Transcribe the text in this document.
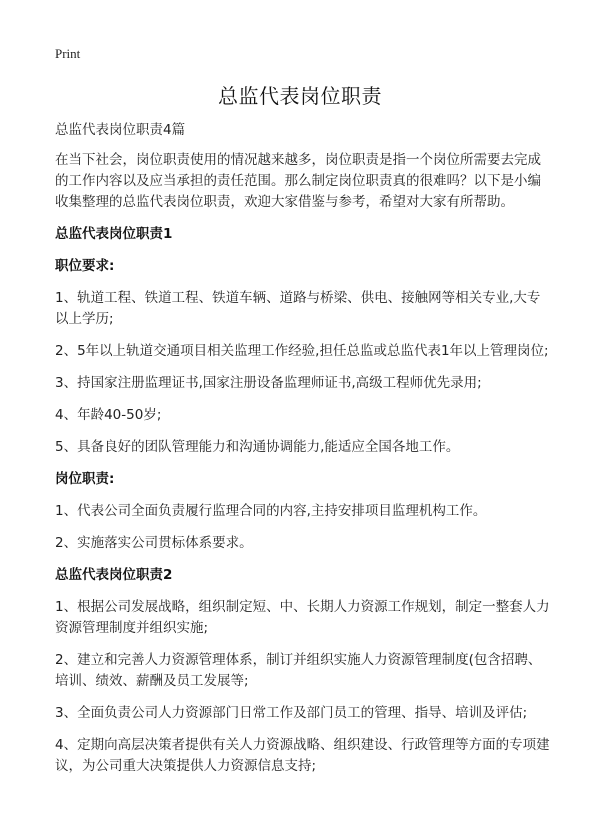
Print
总监代表岗位职责

总监代表岗位职责4篇

在当下社会，岗位职责使用的情况越来越多，岗位职责是指一个岗位所需要去完成的工作内容以及应当承担的责任范围。那么制定岗位职责真的很难吗？以下是小编收集整理的总监代表岗位职责，欢迎大家借鉴与参考，希望对大家有所帮助。

总监代表岗位职责1

职位要求:

1、轨道工程、铁道工程、铁道车辆、道路与桥梁、供电、接触网等相关专业,大专以上学历;

2、5年以上轨道交通项目相关监理工作经验,担任总监或总监代表1年以上管理岗位;

3、持国家注册监理证书,国家注册设备监理师证书,高级工程师优先录用;

4、年龄40-50岁;

5、具备良好的团队管理能力和沟通协调能力,能适应全国各地工作。

岗位职责:

1、代表公司全面负责履行监理合同的内容,主持安排项目监理机构工作。

2、实施落实公司贯标体系要求。

总监代表岗位职责2

1、根据公司发展战略，组织制定短、中、长期人力资源工作规划，制定一整套人力资源管理制度并组织实施;

2、建立和完善人力资源管理体系，制订并组织实施人力资源管理制度(包含招聘、培训、绩效、薪酬及员工发展等;

3、全面负责公司人力资源部门日常工作及部门员工的管理、指导、培训及评估;

4、定期向高层决策者提供有关人力资源战略、组织建设、行政管理等方面的专项建议，为公司重大决策提供人力资源信息支持;
